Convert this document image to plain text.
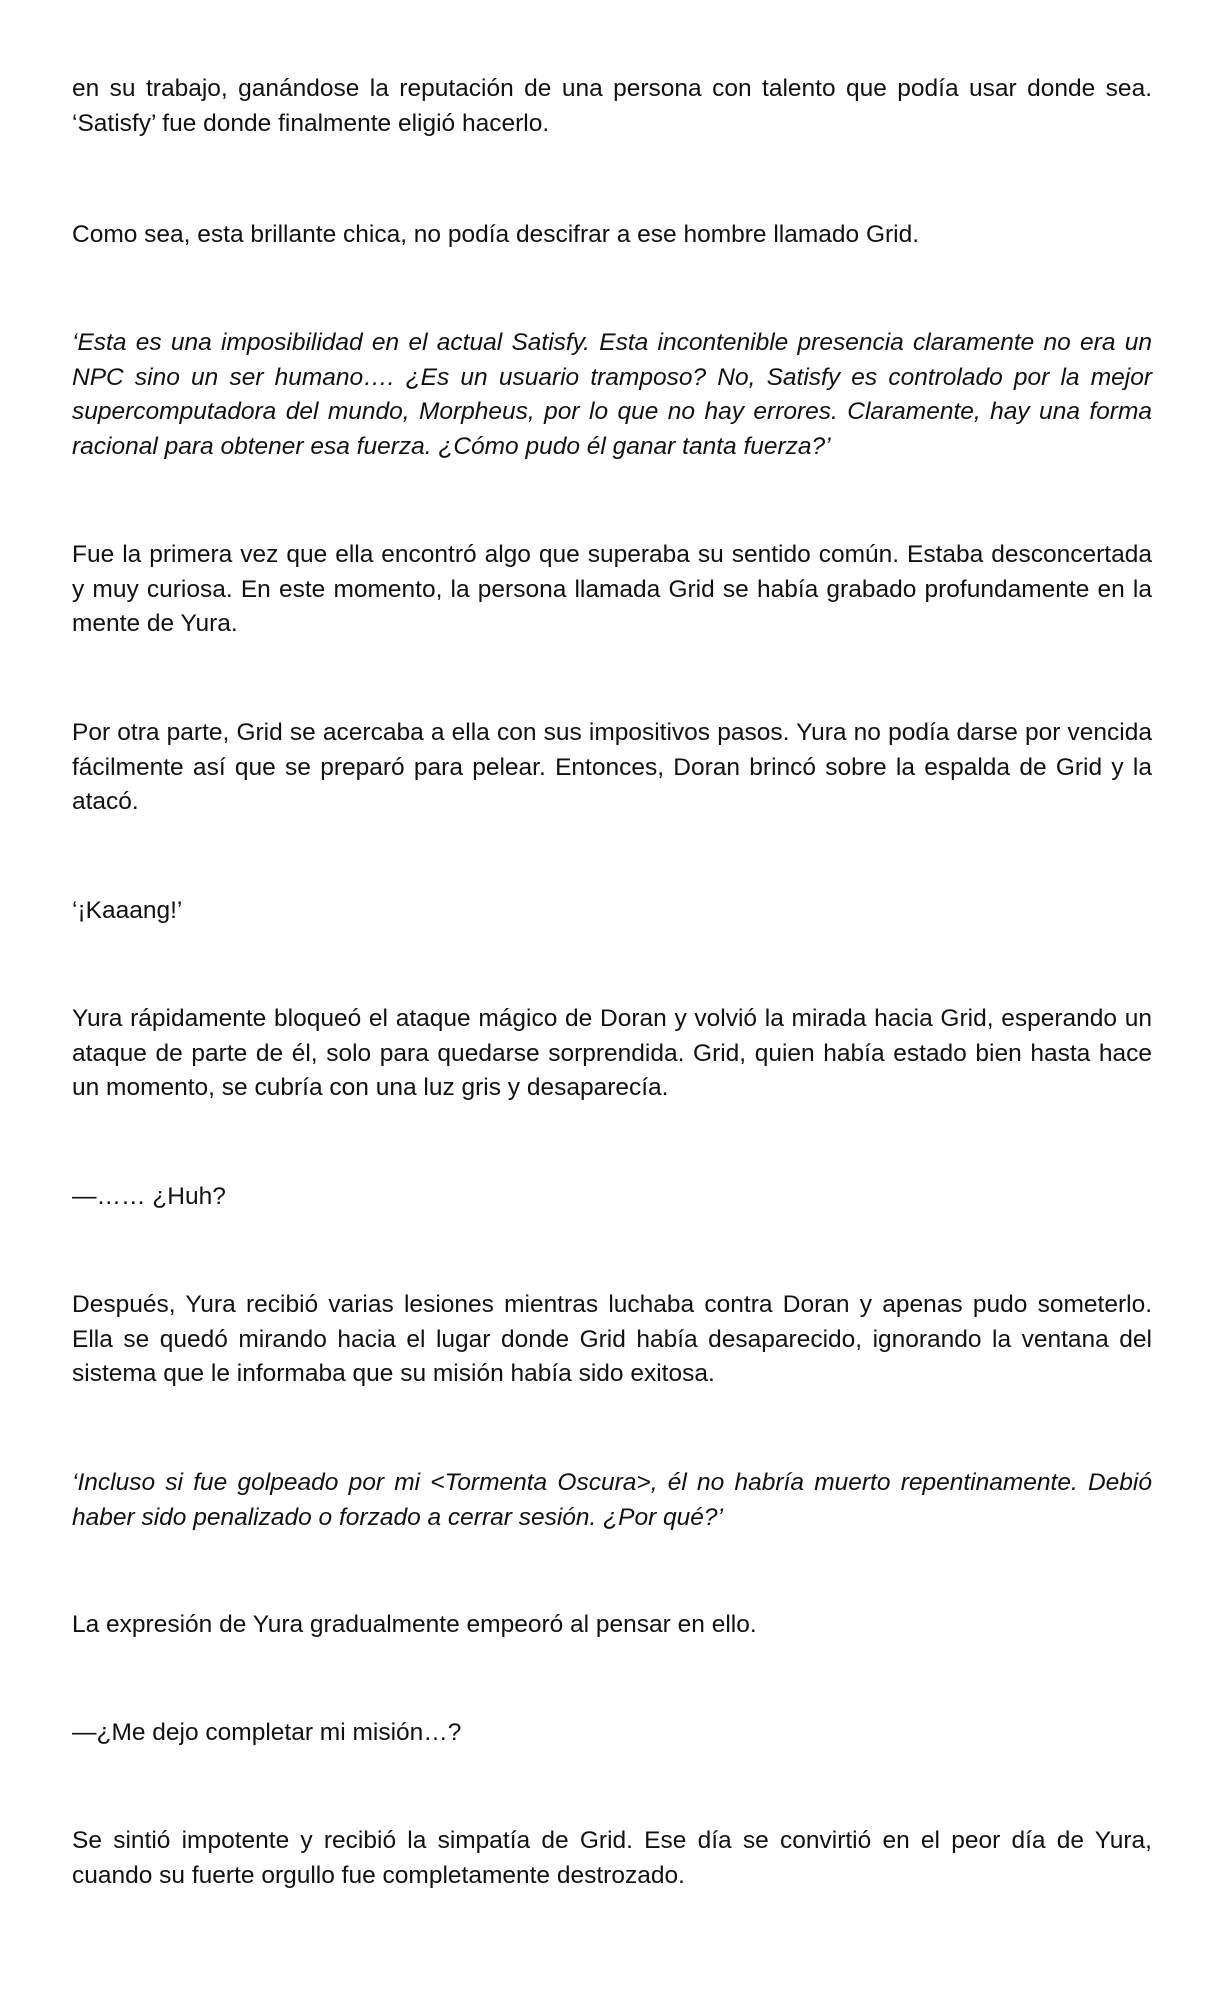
en su trabajo, ganándose la reputación de una persona con talento que podía usar donde sea. ‘Satisfy’ fue donde finalmente eligió hacerlo.

Como sea, esta brillante chica, no podía descifrar a ese hombre llamado Grid.

‘Esta es una imposibilidad en el actual Satisfy. Esta incontenible presencia claramente no era un NPC sino un ser humano…. ¿Es un usuario tramposo? No, Satisfy es controlado por la mejor supercomputadora del mundo, Morpheus, por lo que no hay errores. Claramente, hay una forma racional para obtener esa fuerza. ¿Cómo pudo él ganar tanta fuerza?’

Fue la primera vez que ella encontró algo que superaba su sentido común. Estaba desconcertada y muy curiosa. En este momento, la persona llamada Grid se había grabado profundamente en la mente de Yura.

Por otra parte, Grid se acercaba a ella con sus impositivos pasos. Yura no podía darse por vencida fácilmente así que se preparó para pelear. Entonces, Doran brincó sobre la espalda de Grid y la atacó.

‘¡Kaaang!’

Yura rápidamente bloqueó el ataque mágico de Doran y volvió la mirada hacia Grid, esperando un ataque de parte de él, solo para quedarse sorprendida. Grid, quien había estado bien hasta hace un momento, se cubría con una luz gris y desaparecía.

—…… ¿Huh?

Después, Yura recibió varias lesiones mientras luchaba contra Doran y apenas pudo someterlo. Ella se quedó mirando hacia el lugar donde Grid había desaparecido, ignorando la ventana del sistema que le informaba que su misión había sido exitosa.

‘Incluso si fue golpeado por mi <Tormenta Oscura>, él no habría muerto repentinamente. Debió haber sido penalizado o forzado a cerrar sesión. ¿Por qué?’

La expresión de Yura gradualmente empeoró al pensar en ello.

—¿Me dejo completar mi misión…?

Se sintió impotente y recibió la simpatía de Grid. Ese día se convirtió en el peor día de Yura, cuando su fuerte orgullo fue completamente destrozado.
